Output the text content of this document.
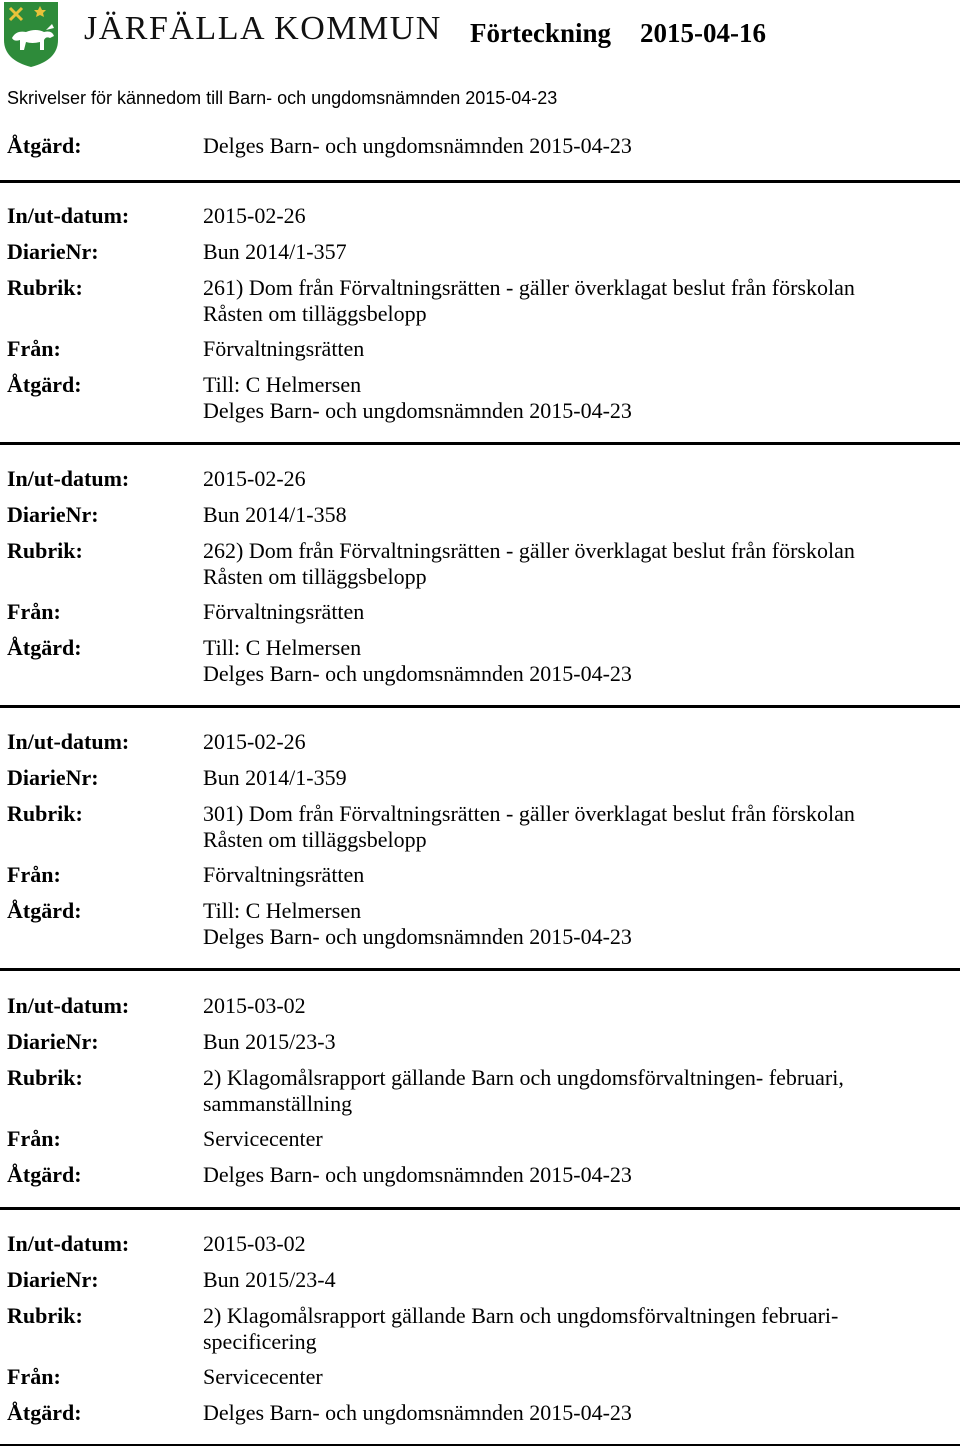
JÄRFÄLLA KOMMUN Förteckning 2015-04-16
Skrivelser för kännedom till Barn- och ungdomsnämnden 2015-04-23
Åtgärd:	Delges Barn- och ungdomsnämnden 2015-04-23
In/ut-datum:	2015-02-26
DiarieNr:	Bun 2014/1-357
Rubrik:	261) Dom från Förvaltningsrätten - gäller överklagat beslut från förskolan
Råsten om tilläggsbelopp
Från:	Förvaltningsrätten
Åtgärd:	Till: C Helmersen
Delges Barn- och ungdomsnämnden 2015-04-23
In/ut-datum:	2015-02-26
DiarieNr:	Bun 2014/1-358
Rubrik:	262) Dom från Förvaltningsrätten - gäller överklagat beslut från förskolan
Råsten om tilläggsbelopp
Från:	Förvaltningsrätten
Åtgärd:	Till: C Helmersen
Delges Barn- och ungdomsnämnden 2015-04-23
In/ut-datum:	2015-02-26
DiarieNr:	Bun 2014/1-359
Rubrik:	301) Dom från Förvaltningsrätten - gäller överklagat beslut från förskolan
Råsten om tilläggsbelopp
Från:	Förvaltningsrätten
Åtgärd:	Till: C Helmersen
Delges Barn- och ungdomsnämnden 2015-04-23
In/ut-datum:	2015-03-02
DiarieNr:	Bun 2015/23-3
Rubrik:	2) Klagomålsrapport gällande Barn och ungdomsförvaltningen- februari,
sammanställning
Från:	Servicecenter
Åtgärd:	Delges Barn- och ungdomsnämnden 2015-04-23
In/ut-datum:	2015-03-02
DiarieNr:	Bun 2015/23-4
Rubrik:	2) Klagomålsrapport gällande Barn och ungdomsförvaltningen februari-
specificering
Från:	Servicecenter
Åtgärd:	Delges Barn- och ungdomsnämnden 2015-04-23
